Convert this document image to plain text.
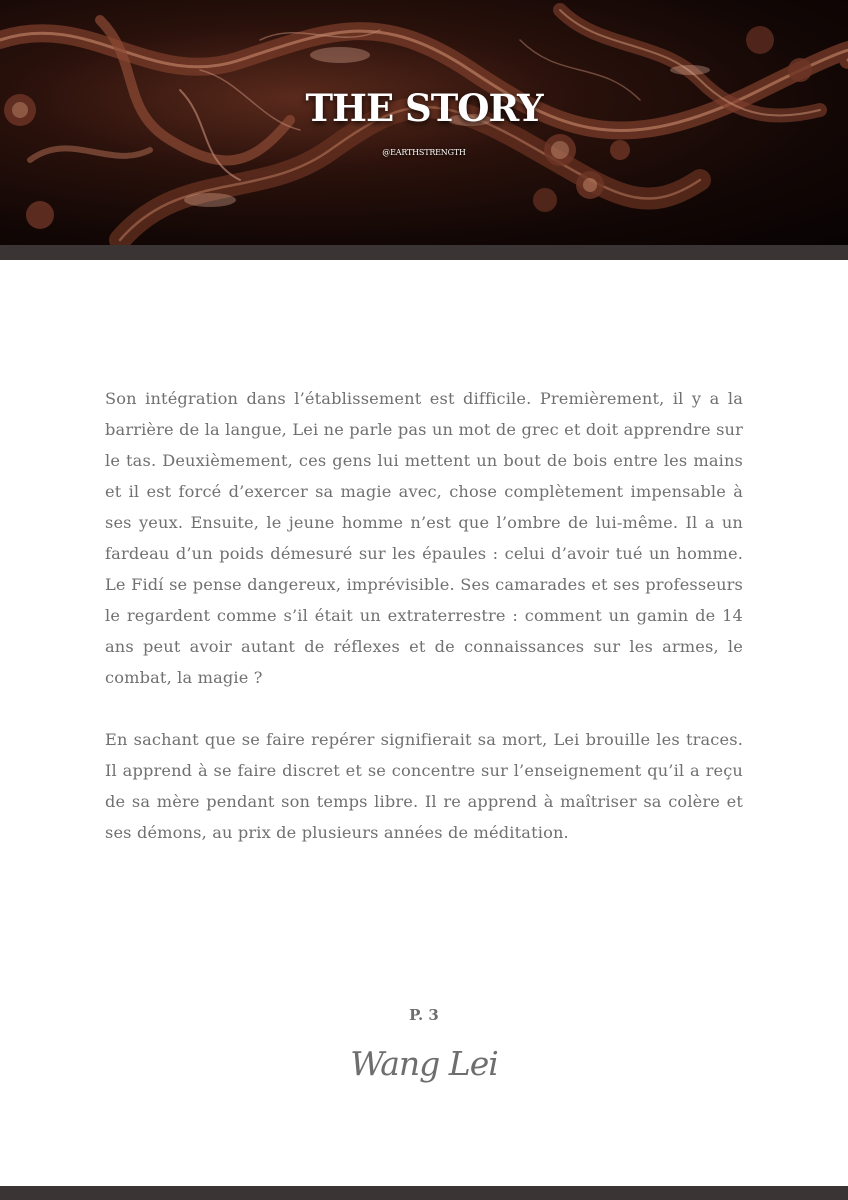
THE STORY
@EARTHSTRENGTH

Son intégration dans l’établissement est difficile. Premièrement, il y a la barrière de la langue, Lei ne parle pas un mot de grec et doit apprendre sur le tas. Deuxièmement, ces gens lui mettent un bout de bois entre les mains et il est forcé d’exercer sa magie avec, chose complètement impensable à ses yeux. Ensuite, le jeune homme n’est que l’ombre de lui-même. Il a un fardeau d’un poids démesuré sur les épaules : celui d’avoir tué un homme. Le Fidí se pense dangereux, imprévisible. Ses camarades et ses professeurs le regardent comme s’il était un extraterrestre : comment un gamin de 14 ans peut avoir autant de réflexes et de connaissances sur les armes, le combat, la magie ?

En sachant que se faire repérer signifierait sa mort, Lei brouille les traces. Il apprend à se faire discret et se concentre sur l’enseignement qu’il a reçu de sa mère pendant son temps libre. Il re apprend à maîtriser sa colère et ses démons, au prix de plusieurs années de méditation.

P. 3
Wang Lei
